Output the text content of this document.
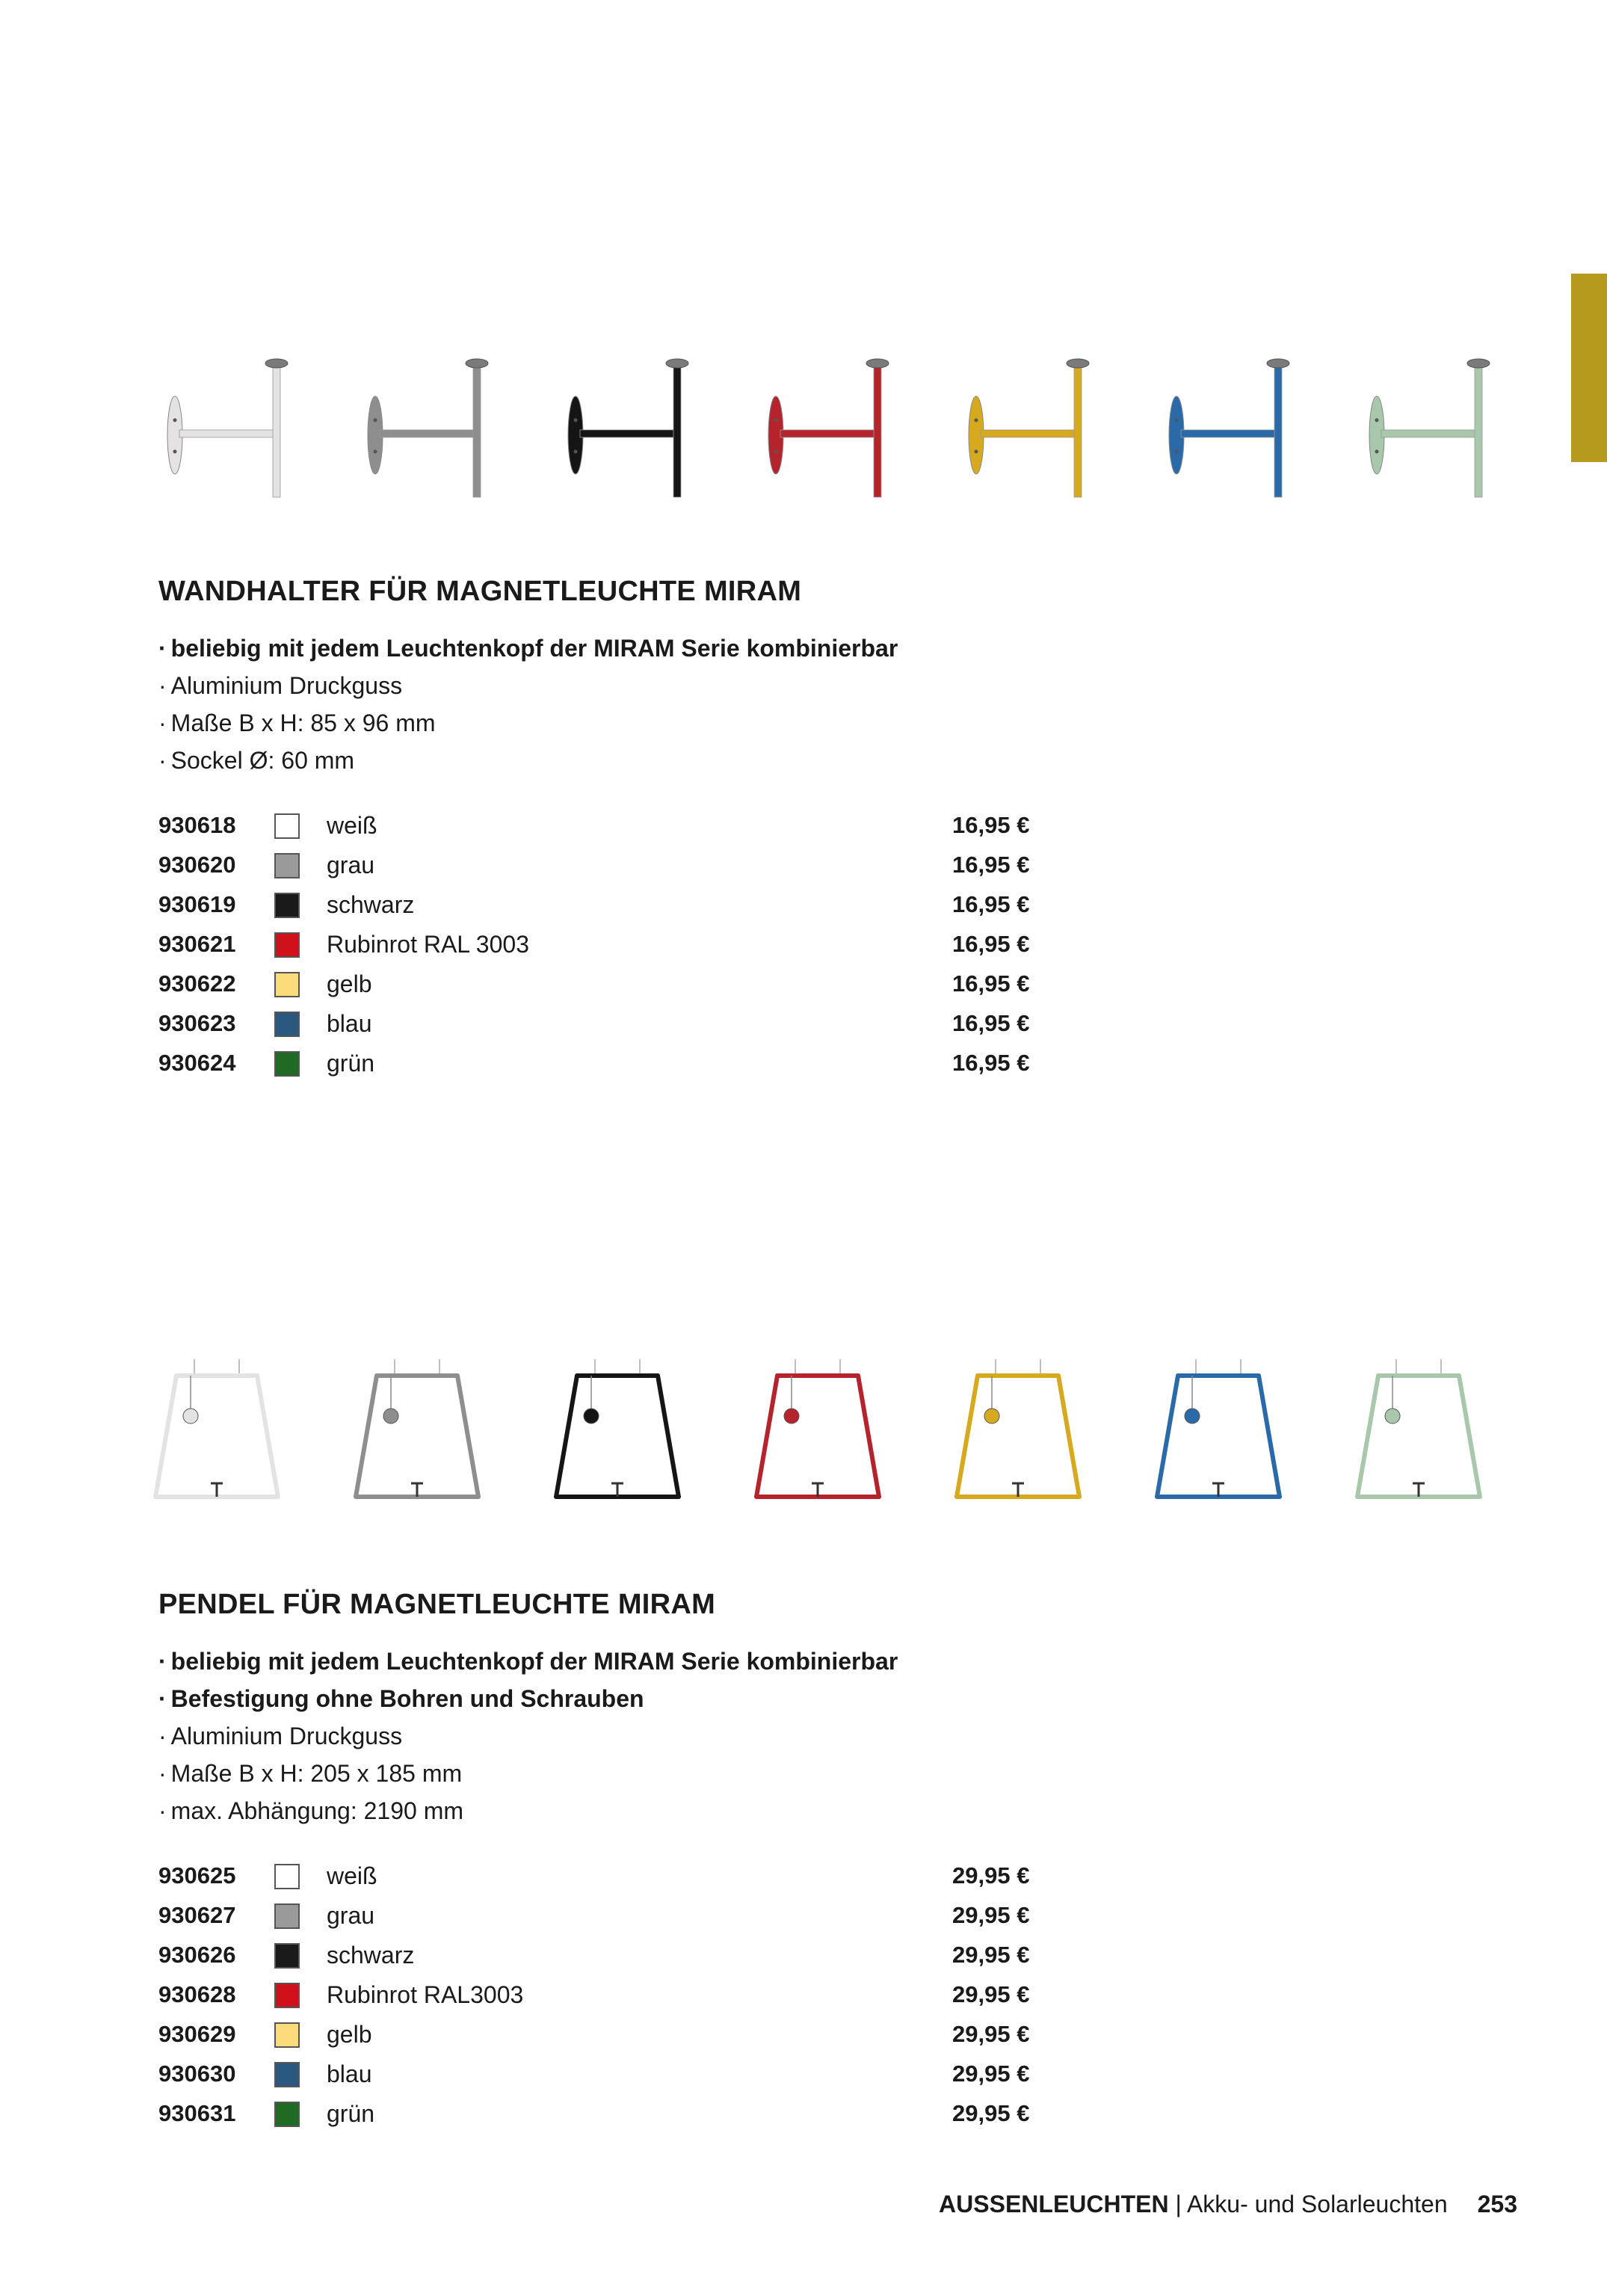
WANDHALTER FÜR MAGNETLEUCHTE MIRAM
· beliebig mit jedem Leuchtenkopf der MIRAM Serie kombinierbar
· Aluminium Druckguss
· Maße B x H: 85 x 96 mm
· Sockel Ø: 60 mm
930618	weiß	16,95 €
930620	grau	16,95 €
930619	schwarz	16,95 €
930621	Rubinrot RAL 3003	16,95 €
930622	gelb	16,95 €
930623	blau	16,95 €
930624	grün	16,95 €
PENDEL FÜR MAGNETLEUCHTE MIRAM
· beliebig mit jedem Leuchtenkopf der MIRAM Serie kombinierbar
· Befestigung ohne Bohren und Schrauben
· Aluminium Druckguss
· Maße B x H: 205 x 185 mm
· max. Abhängung: 2190 mm
930625	weiß	29,95 €
930627	grau	29,95 €
930626	schwarz	29,95 €
930628	Rubinrot RAL3003	29,95 €
930629	gelb	29,95 €
930630	blau	29,95 €
930631	grün	29,95 €
AUSSENLEUCHTEN | Akku- und Solarleuchten 253
